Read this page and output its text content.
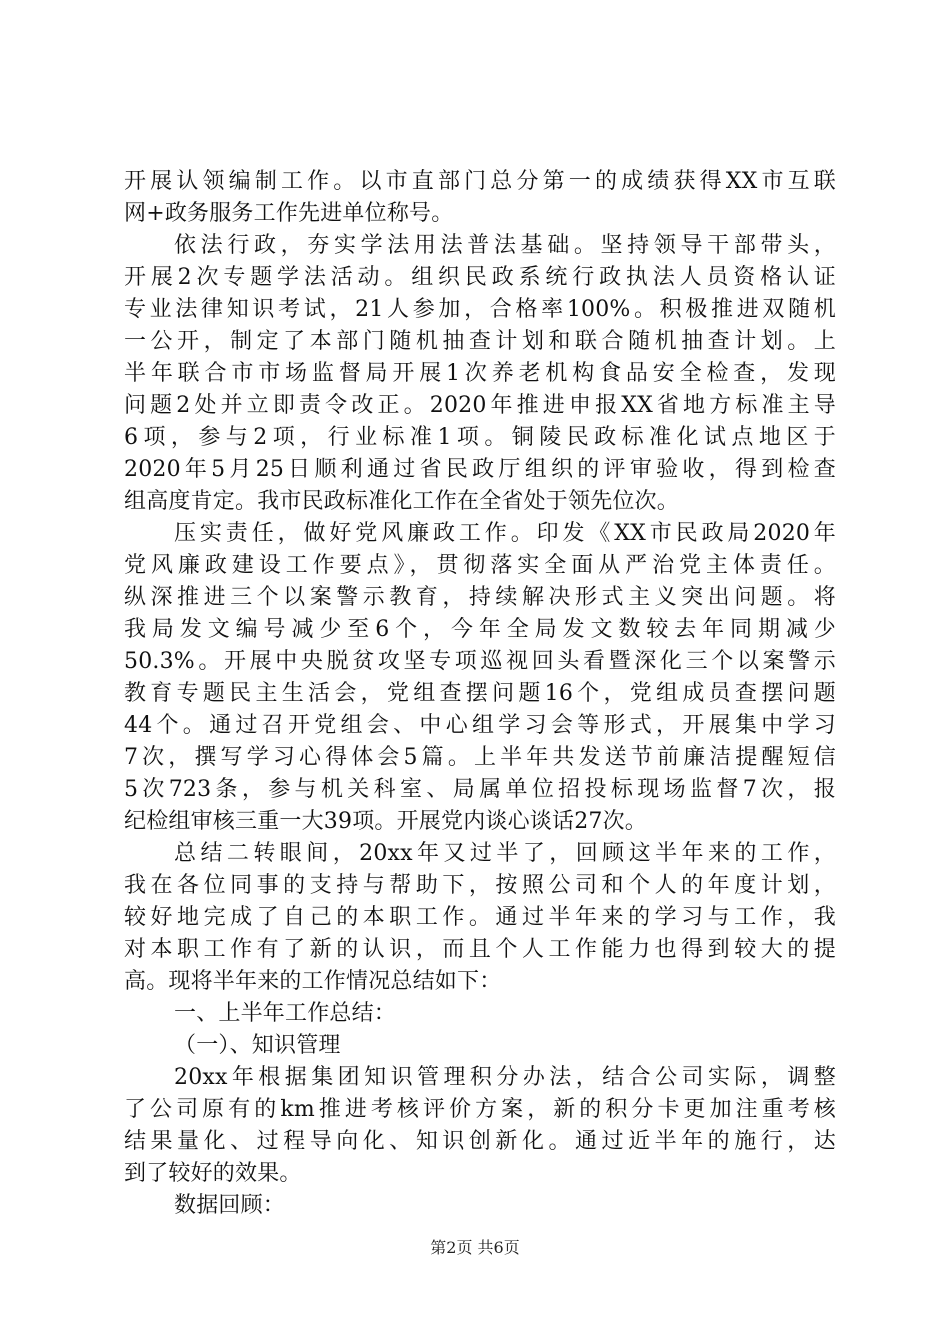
开展认领编制工作。以市直部门总分第一的成绩获得XX市互联
网+政务服务工作先进单位称号。
依法行政，夯实学法用法普法基础。坚持领导干部带头，
开展2次专题学法活动。组织民政系统行政执法人员资格认证
专业法律知识考试，21人参加，合格率100%。积极推进双随机
一公开，制定了本部门随机抽查计划和联合随机抽查计划。上
半年联合市市场监督局开展1次养老机构食品安全检查，发现
问题2处并立即责令改正。2020年推进申报XX省地方标准主导
6项，参与2项，行业标准1项。铜陵民政标准化试点地区于
2020年5月25日顺利通过省民政厅组织的评审验收，得到检查
组高度肯定。我市民政标准化工作在全省处于领先位次。
压实责任，做好党风廉政工作。印发《XX市民政局2020年
党风廉政建设工作要点》，贯彻落实全面从严治党主体责任。
纵深推进三个以案警示教育，持续解决形式主义突出问题。将
我局发文编号减少至6个，今年全局发文数较去年同期减少
50.3%。开展中央脱贫攻坚专项巡视回头看暨深化三个以案警示
教育专题民主生活会，党组查摆问题16个，党组成员查摆问题
44个。通过召开党组会、中心组学习会等形式，开展集中学习
7次，撰写学习心得体会5篇。上半年共发送节前廉洁提醒短信
5次723条，参与机关科室、局属单位招投标现场监督7次，报
纪检组审核三重一大39项。开展党内谈心谈话27次。
总结二转眼间，20xx年又过半了，回顾这半年来的工作，
我在各位同事的支持与帮助下，按照公司和个人的年度计划，
较好地完成了自己的本职工作。通过半年来的学习与工作，我
对本职工作有了新的认识，而且个人工作能力也得到较大的提
高。现将半年来的工作情况总结如下：
一、上半年工作总结：
（一）、知识管理
20xx年根据集团知识管理积分办法，结合公司实际，调整
了公司原有的km推进考核评价方案，新的积分卡更加注重考核
结果量化、过程导向化、知识创新化。通过近半年的施行，达
到了较好的效果。
数据回顾：
第2页 共6页
